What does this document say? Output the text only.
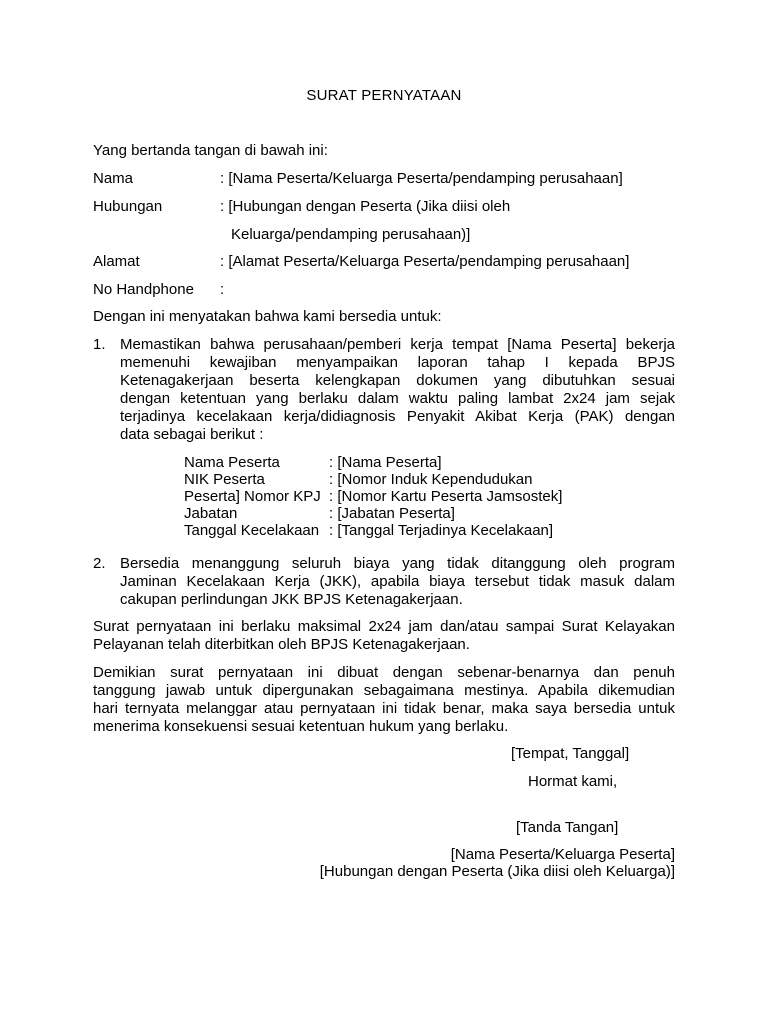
SURAT PERNYATAAN
Yang bertanda tangan di bawah ini:
Nama	: [Nama Peserta/Keluarga Peserta/pendamping perusahaan]
Hubungan	: [Hubungan dengan Peserta (Jika diisi oleh
Keluarga/pendamping perusahaan)]
Alamat	: [Alamat Peserta/Keluarga Peserta/pendamping perusahaan]
No Handphone :
Dengan ini menyatakan bahwa kami bersedia untuk:
1. Memastikan bahwa perusahaan/pemberi kerja tempat [Nama Peserta] bekerja
memenuhi kewajiban menyampaikan laporan tahap I kepada BPJS
Ketenagakerjaan beserta kelengkapan dokumen yang dibutuhkan sesuai
dengan ketentuan yang berlaku dalam waktu paling lambat 2x24 jam sejak
terjadinya kecelakaan kerja/didiagnosis Penyakit Akibat Kerja (PAK) dengan
data sebagai berikut :
Nama Peserta	: [Nama Peserta]
NIK Peserta	: [Nomor Induk Kependudukan
Peserta] Nomor KPJ : [Nomor Kartu Peserta Jamsostek]
Jabatan	: [Jabatan Peserta]
Tanggal Kecelakaan : [Tanggal Terjadinya Kecelakaan]
2. Bersedia menanggung seluruh biaya yang tidak ditanggung oleh program
Jaminan Kecelakaan Kerja (JKK), apabila biaya tersebut tidak masuk dalam
cakupan perlindungan JKK BPJS Ketenagakerjaan.
Surat pernyataan ini berlaku maksimal 2x24 jam dan/atau sampai Surat Kelayakan
Pelayanan telah diterbitkan oleh BPJS Ketenagakerjaan.
Demikian surat pernyataan ini dibuat dengan sebenar-benarnya dan penuh
tanggung jawab untuk dipergunakan sebagaimana mestinya. Apabila dikemudian
hari ternyata melanggar atau pernyataan ini tidak benar, maka saya bersedia untuk
menerima konsekuensi sesuai ketentuan hukum yang berlaku.
[Tempat, Tanggal]
Hormat kami,
[Tanda Tangan]
[Nama Peserta/Keluarga Peserta]
[Hubungan dengan Peserta (Jika diisi oleh Keluarga)]
